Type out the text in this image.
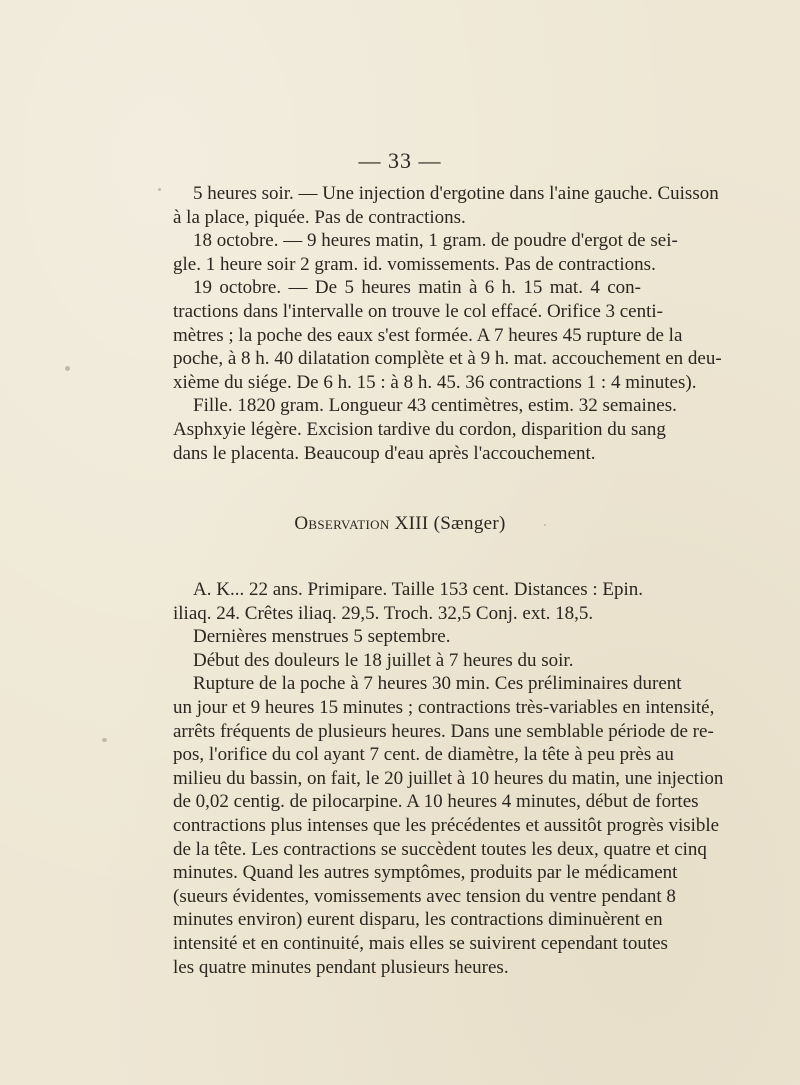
— 33 —
5 heures soir. — Une injection d'ergotine dans l'aine gauche. Cuisson
à la place, piquée. Pas de contractions.
18 octobre. — 9 heures matin, 1 gram. de poudre d'ergot de sei-
gle. 1 heure soir 2 gram. id. vomissements. Pas de contractions.
19 octobre. — De 5 heures matin à 6 h. 15 mat. 4 con-
tractions dans l'intervalle on trouve le col effacé. Orifice 3 centi-
mètres ; la poche des eaux s'est formée. A 7 heures 45 rupture de la
poche, à 8 h. 40 dilatation complète et à 9 h. mat. accouchement en deu-
xième du siége. De 6 h. 15 : à 8 h. 45. 36 contractions 1 : 4 minutes).
Fille. 1820 gram. Longueur 43 centimètres, estim. 32 semaines.
Asphxyie légère. Excision tardive du cordon, disparition du sang
dans le placenta. Beaucoup d'eau après l'accouchement.
Observation XIII (Sænger)
A. K... 22 ans. Primipare. Taille 153 cent. Distances : Epin.
iliaq. 24. Crêtes iliaq. 29,5. Troch. 32,5 Conj. ext. 18,5.
Dernières menstrues 5 septembre.
Début des douleurs le 18 juillet à 7 heures du soir.
Rupture de la poche à 7 heures 30 min. Ces préliminaires durent
un jour et 9 heures 15 minutes ; contractions très-variables en intensité,
arrêts fréquents de plusieurs heures. Dans une semblable période de re-
pos, l'orifice du col ayant 7 cent. de diamètre, la tête à peu près au
milieu du bassin, on fait, le 20 juillet à 10 heures du matin, une injection
de 0,02 centig. de pilocarpine. A 10 heures 4 minutes, début de fortes
contractions plus intenses que les précédentes et aussitôt progrès visible
de la tête. Les contractions se succèdent toutes les deux, quatre et cinq
minutes. Quand les autres symptômes, produits par le médicament
(sueurs évidentes, vomissements avec tension du ventre pendant 8
minutes environ) eurent disparu, les contractions diminuèrent en
intensité et en continuité, mais elles se suivirent cependant toutes
les quatre minutes pendant plusieurs heures.
